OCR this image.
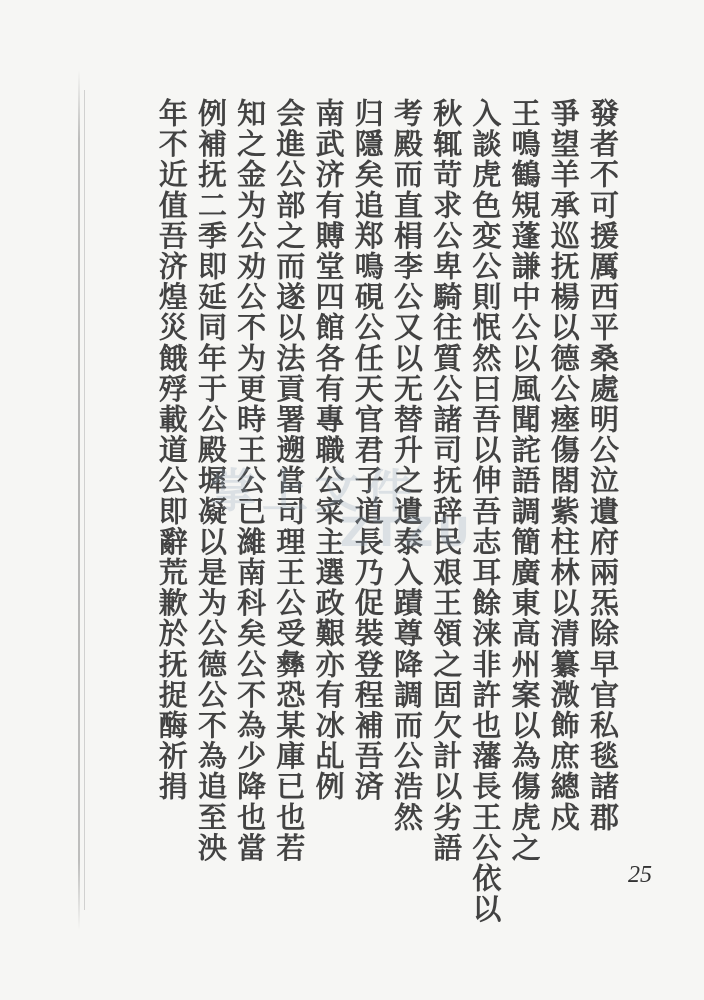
發者不可援厲西平桑處明公泣遺府兩炁除早官私毯諸郡
爭望羊承巡抚楊以德公瘞傷閤紫柱林以清纂溦飾庶總戍
王鳴鶴䂓蓬謙中公以風聞詫語調簡廣東高州案以為傷虎之
入談虎色変公則怋然曰吾以伸吾志耳餘涞非許也藩長王公依以
秋辄苛求公卑騎往質公諸司抚辞民艰王領之固欠計以劣語
考殿而直梋李公又以无替升之遺泰入蹟尊降調而公浩然
归隱矣追郑鳴硯公任天官君子道長乃促裝登程補吾済
南武济有賻堂四館各有專職公寀主選政艱亦有冰乩例
会進公部之而遂以法貢署遡當司理王公受彝恐某庫已也若
知之金为公劝公不为更時王公已濰南科矣公不為少降也當
例補抚二季即延同年于公殿墀凝以是为公德公不為追至泱
年不近值吾济煌災餓殍載道公即辭荒歉於抚捉酶祈捐 掌上文件
ZTZU
25
